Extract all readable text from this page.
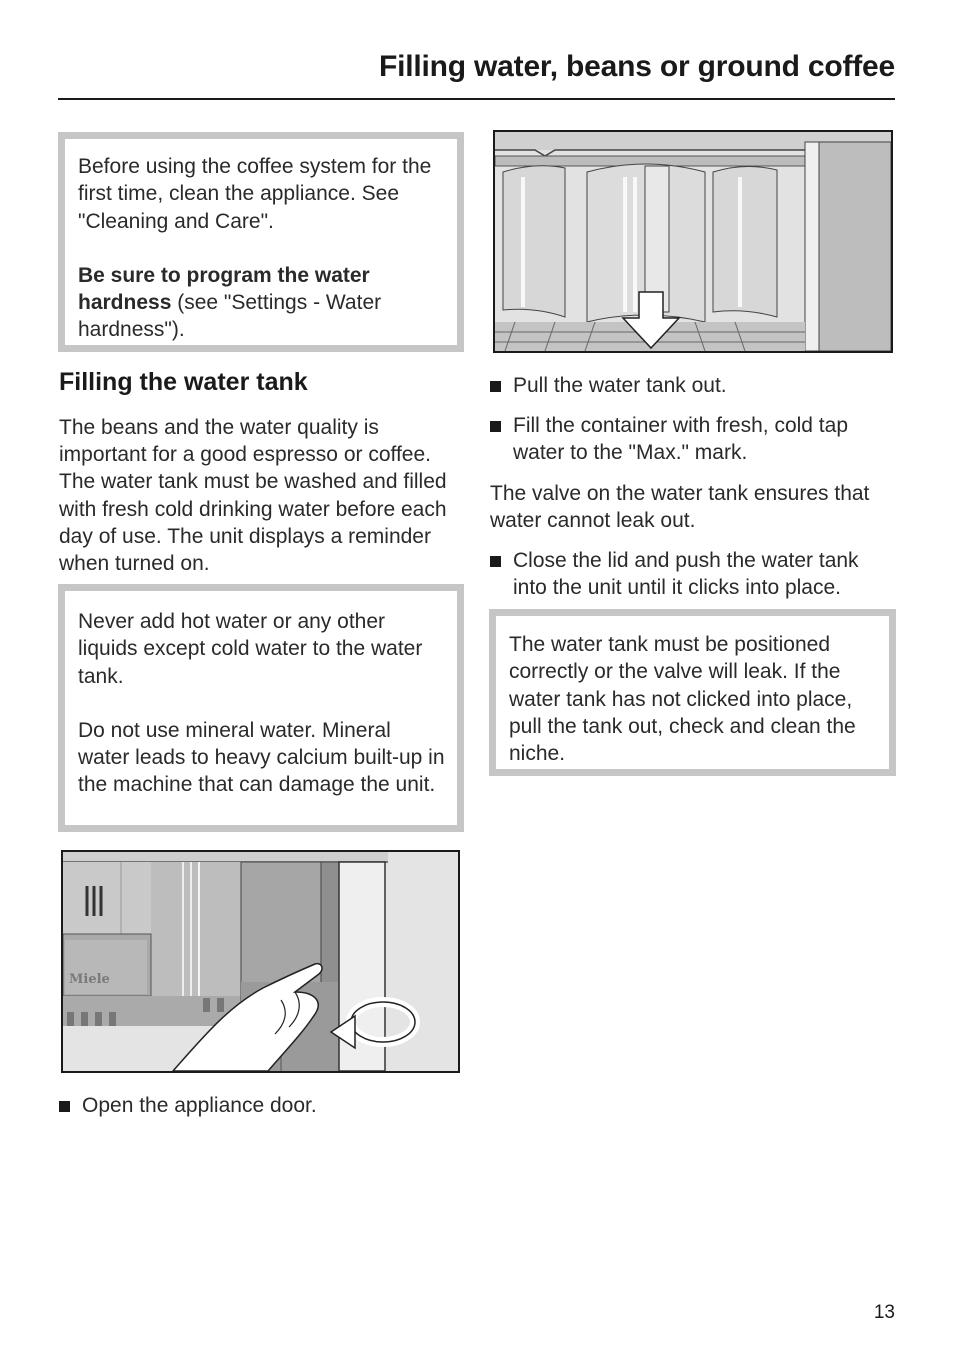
Filling water, beans or ground coffee

Before using the coffee system for the first time, clean the appliance. See "Cleaning and Care".

Be sure to program the water hardness (see "Settings - Water hardness").

Filling the water tank

The beans and the water quality is important for a good espresso or coffee. The water tank must be washed and filled with fresh cold drinking water before each day of use. The unit displays a reminder when turned on.

Never add hot water or any other liquids except cold water to the water tank.

Do not use mineral water. Mineral water leads to heavy calcium built-up in the machine that can damage the unit.

Miele
Open the appliance door.
Pull the water tank out.
Fill the container with fresh, cold tap water to the "Max." mark.

The valve on the water tank ensures that water cannot leak out.

Close the lid and push the water tank into the unit until it clicks into place.

The water tank must be positioned correctly or the valve will leak. If the water tank has not clicked into place, pull the tank out, check and clean the niche.

13
